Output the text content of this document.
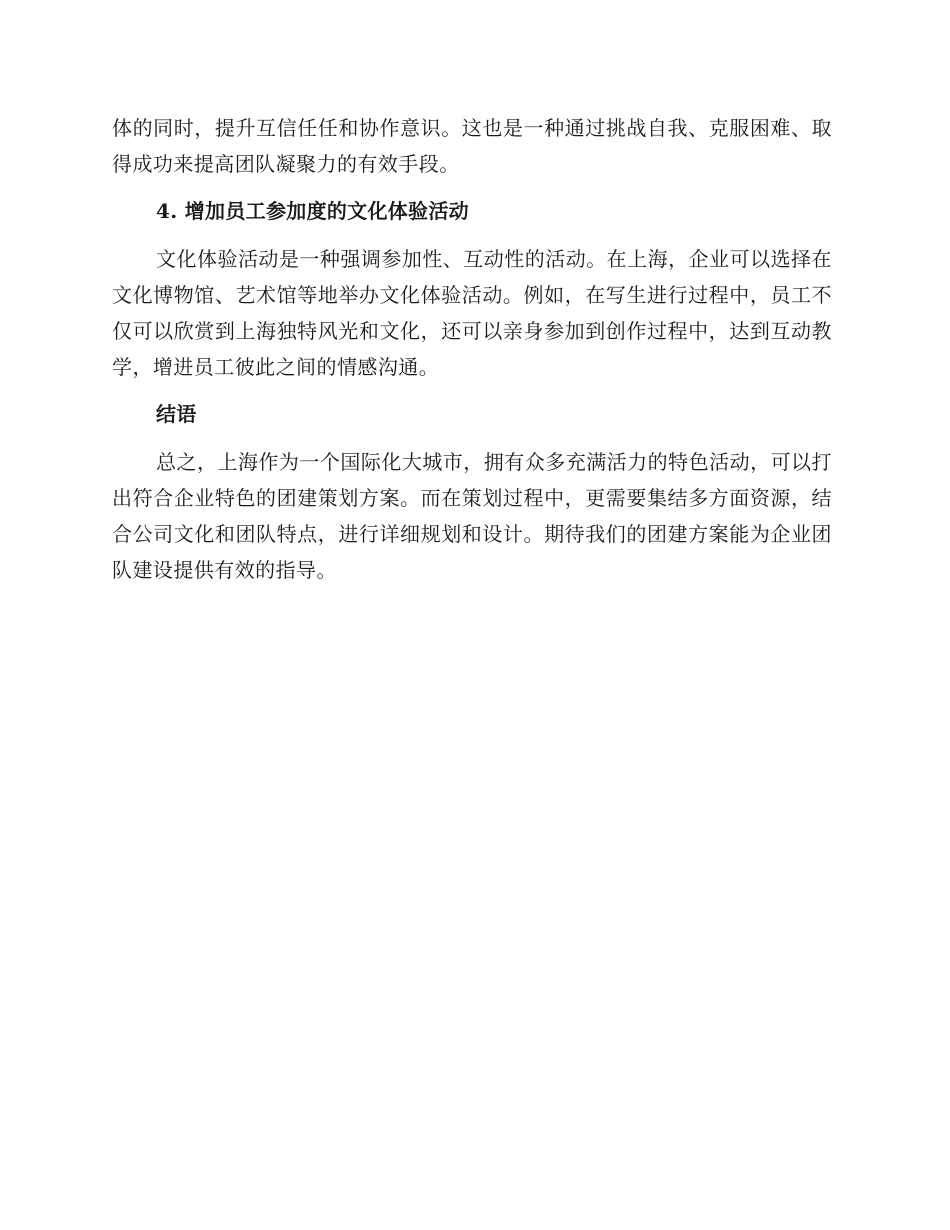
体的同时，提升互信任任和协作意识。这也是一种通过挑战自我、克服困难、取得成功来提高团队凝聚力的有效手段。

4. 增加员工参加度的文化体验活动

文化体验活动是一种强调参加性、互动性的活动。在上海，企业可以选择在文化博物馆、艺术馆等地举办文化体验活动。例如，在写生进行过程中，员工不仅可以欣赏到上海独特风光和文化，还可以亲身参加到创作过程中，达到互动教学，增进员工彼此之间的情感沟通。

结语

总之，上海作为一个国际化大城市，拥有众多充满活力的特色活动，可以打出符合企业特色的团建策划方案。而在策划过程中，更需要集结多方面资源，结合公司文化和团队特点，进行详细规划和设计。期待我们的团建方案能为企业团队建设提供有效的指导。
